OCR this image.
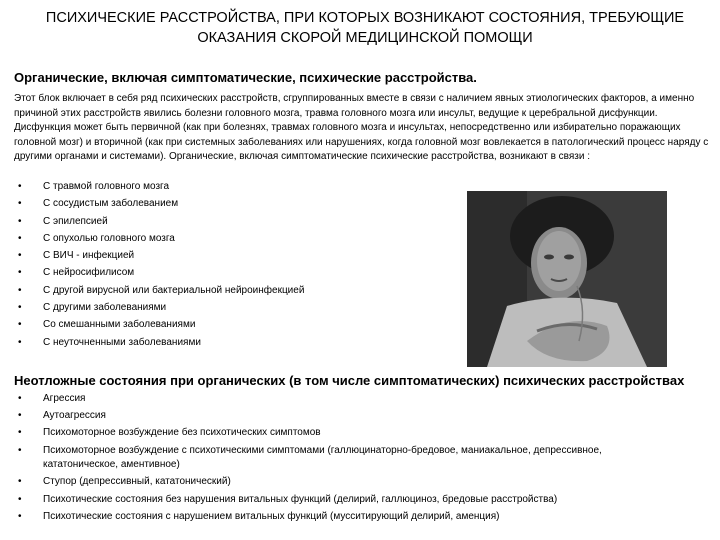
ПСИХИЧЕСКИЕ РАССТРОЙСТВА, ПРИ КОТОРЫХ ВОЗНИКАЮТ СОСТОЯНИЯ, ТРЕБУЮЩИЕ
ОКАЗАНИЯ СКОРОЙ МЕДИЦИНСКОЙ ПОМОЩИ
Органические, включая симптоматические, психические расстройства.
Этот блок включает в себя ряд психических расстройств, сгруппированных вместе в связи с наличием явных этиологических факторов, а именно причиной этих расстройств явились болезни головного мозга, травма головного мозга или инсульт, ведущие к церебральной дисфункции. Дисфункция может быть первичной (как при болезнях, травмах головного мозга и инсультах, непосредственно или избирательно поражающих головной мозг) и вторичной (как при системных заболеваниях или нарушениях, когда головной мозг вовлекается в патологический процесс наряду с другими органами и системами). Органические, включая симптоматические психические расстройства, возникают в связи :
• С травмой головного мозга
• С сосудистым заболеванием
• С эпилепсией
• С опухолью головного мозга
• С ВИЧ - инфекцией
• С нейросифилисом
• С другой вирусной или бактериальной нейроинфекцией
• С другими заболеваниями
• Со смешанными заболеваниями
• С неуточненными заболеваниями
Неотложные состояния при органических (в том числе симптоматических) психических расстройствах
• Агрессия
• Аутоагрессия
• Психомоторное возбуждение без психотических симптомов
• Психомоторное возбуждение с психотическими симптомами (галлюцинаторно-бредовое, маниакальное, депрессивное, кататоническое, аментивное)
• Ступор (депрессивный, кататонический)
• Психотические состояния без нарушения витальных функций (делирий, галлюциноз, бредовые расстройства)
• Психотические состояния с нарушением витальных функций (мусситирующий делирий, аменция)
